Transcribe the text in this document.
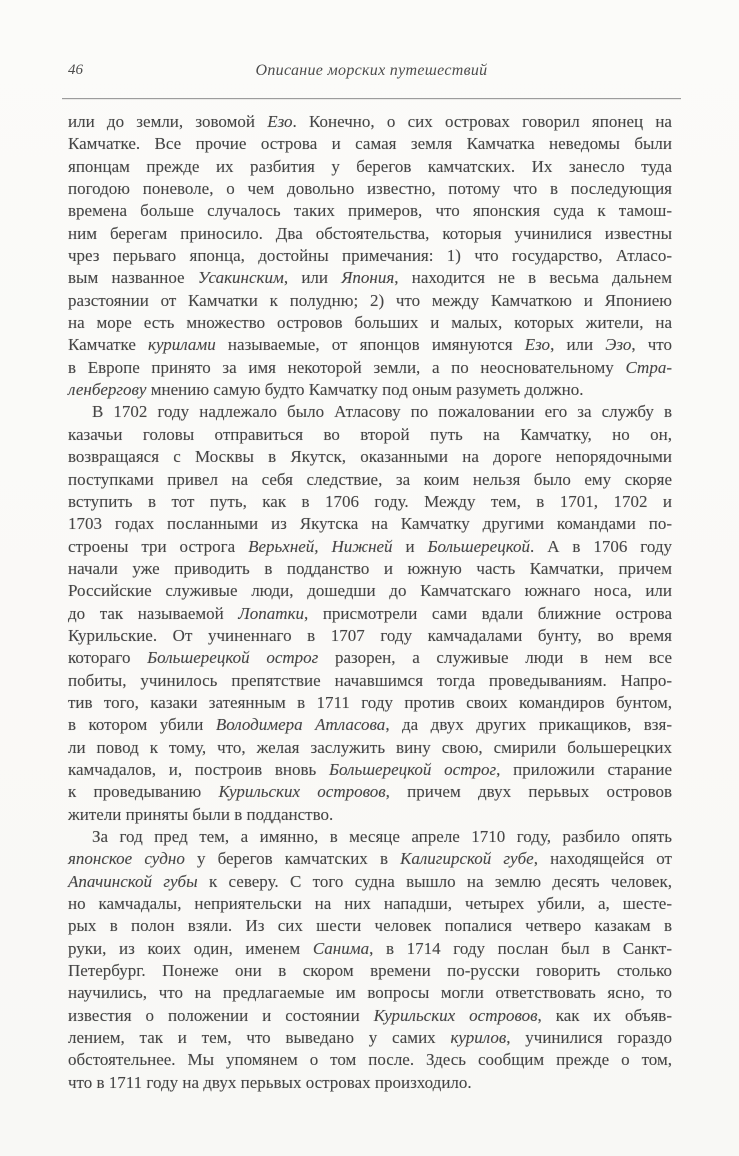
46	Описание морских путешествий
или до земли, зовомой Езо. Конечно, о сих островах говорил японец на
Камчатке. Все прочие острова и самая земля Камчатка неведомы были
японцам прежде их разбития у берегов камчатских. Их занесло туда
погодою поневоле, о чем довольно известно, потому что в последующия
времена больше случалось таких примеров, что японския суда к тамош-
ним берегам приносило. Два обстоятельства, которыя учинилися известны
чрез перьваго японца, достойны примечания: 1) что государство, Атласо-
вым названное Усакинским, или Япония, находится не в весьма дальнем
разстоянии от Камчатки к полудню; 2) что между Камчаткою и Япониею
на море есть множество островов больших и малых, которых жители, на
Камчатке курилами называемые, от японцов имянуются Езо, или Эзо, что
в Европе принято за имя некоторой земли, а по неосновательному Стра-
ленбергову мнению самую будто Камчатку под оным разуметь должно.
В 1702 году надлежало было Атласову по пожаловании его за службу в
казачьи головы отправиться во второй путь на Камчатку, но он,
возвращаяся с Москвы в Якутск, оказанными на дороге непорядочными
поступками привел на себя следствие, за коим нельзя было ему скоряе
вступить в тот путь, как в 1706 году. Между тем, в 1701, 1702 и
1703 годах посланными из Якутска на Камчатку другими командами по-
строены три острога Верьхней, Нижней и Большерецкой. А в 1706 году
начали уже приводить в подданство и южную часть Камчатки, причем
Российские служивые люди, дошедши до Камчатскаго южнаго носа, или
до так называемой Лопатки, присмотрели сами вдали ближние острова
Курильские. От учиненнаго в 1707 году камчадалами бунту, во время
котораго Большерецкой острог разорен, а служивые люди в нем все
побиты, учинилось препятствие начавшимся тогда проведываниям. Напро-
тив того, казаки затеянным в 1711 году против своих командиров бунтом,
в котором убили Володимера Атласова, да двух других прикащиков, взя-
ли повод к тому, что, желая заслужить вину свою, смирили большерецких
камчадалов, и, построив вновь Большерецкой острог, приложили старание
к проведыванию Курильских островов, причем двух перьвых островов
жители приняты были в подданство.
За год пред тем, а имянно, в месяце апреле 1710 году, разбило опять
японское судно у берегов камчатских в Калигирской губе, находящейся от
Апачинской губы к северу. С того судна вышло на землю десять человек,
но камчадалы, неприятельски на них нападши, четырех убили, а, шесте-
рых в полон взяли. Из сих шести человек попалися четверо казакам в
руки, из коих один, именем Санима, в 1714 году послан был в Санкт-
Петербург. Понеже они в скором времени по-русски говорить столько
научились, что на предлагаемые им вопросы могли ответствовать ясно, то
известия о положении и состоянии Курильских островов, как их объяв-
лением, так и тем, что выведано у самих курилов, учинилися гораздо
обстоятельнее. Мы упомянем о том после. Здесь сообщим прежде о том,
что в 1711 году на двух перьвых островах произходило.
